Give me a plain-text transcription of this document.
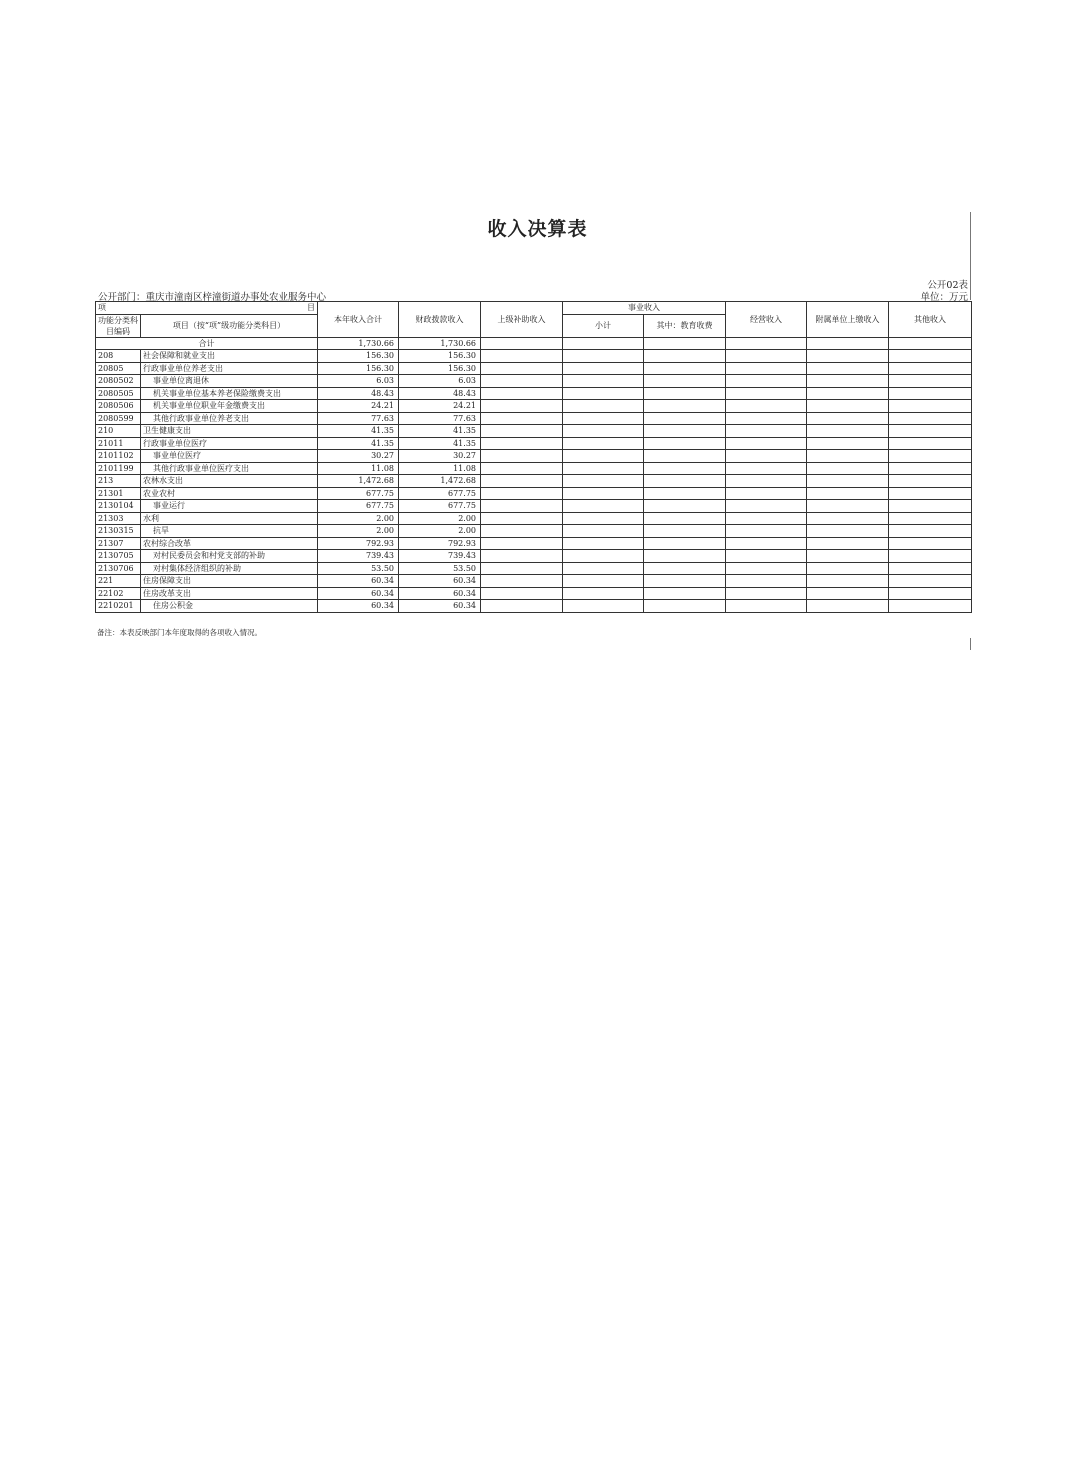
收入决算表
公开02表
公开部门：重庆市潼南区梓潼街道办事处农业服务中心	单位：万元
项 目		本年收入合计	财政拨款收入	上级补助收入	事业收入		经营收入	附属单位上缴收入	其他收入
功能分类科目编码	项目（按“项”级功能分类科目）				小计	其中：教育收费			
合计		1,730.66	1,730.66						
208	社会保障和就业支出	156.30	156.30						
20805	行政事业单位养老支出	156.30	156.30						
2080502	事业单位离退休	6.03	6.03						
2080505	机关事业单位基本养老保险缴费支出	48.43	48.43						
2080506	机关事业单位职业年金缴费支出	24.21	24.21						
2080599	其他行政事业单位养老支出	77.63	77.63						
210	卫生健康支出	41.35	41.35						
21011	行政事业单位医疗	41.35	41.35						
2101102	事业单位医疗	30.27	30.27						
2101199	其他行政事业单位医疗支出	11.08	11.08						
213	农林水支出	1,472.68	1,472.68						
21301	农业农村	677.75	677.75						
2130104	事业运行	677.75	677.75						
21303	水利	2.00	2.00						
2130315	抗旱	2.00	2.00						
21307	农村综合改革	792.93	792.93						
2130705	对村民委员会和村党支部的补助	739.43	739.43						
2130706	对村集体经济组织的补助	53.50	53.50						
221	住房保障支出	60.34	60.34						
22102	住房改革支出	60.34	60.34						
2210201	住房公积金	60.34	60.34						
备注：本表反映部门本年度取得的各项收入情况。
